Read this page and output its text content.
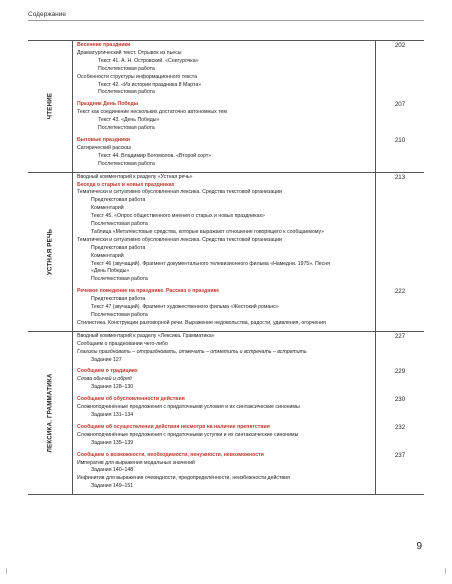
Содержание
ЧТЕНИЕ
Весенние праздники
Драматургический текст. Отрывок из пьесы
Текст 41. А. Н. Островский. «Снегурочка»
Послетекстовая работа
Особенности структуры информационного текста
Текст 42. «Из истории праздника 8 Марта»
Послетекстовая работа
Праздник День Победы
Текст как соединение нескольких достаточно автономных тем
Текст 43. «День Победы»
Послетекстовая работа
Бытовые праздники
Сатирический рассказ
Текст 44. Владимир Богомолов. «Второй сорт»
Послетекстовая работа
202
207
210
УСТНАЯ РЕЧЬ
Вводный комментарий к разделу «Устная речь»
Беседа о старых и новых праздниках
Тематически и ситуативно обусловленная лексика. Средства текстовой организации
Предтекстовая работа
Комментарий
Текст 45. «Опрос общественного мнения о старых и новых праздниках»
Послетекстовая работа
Таблица «Метатекстовые средства, которые выражают отношение говорящего к сообщаемому»
Тематически и ситуативно обусловленная лексика. Средства текстовой организации
Предтекстовая работа
Комментарий
Текст 46 (звучащий). Фрагмент документального телевизионного фильма «Намедни. 1975». Песня
«День Победы»
Послетекстовая работа
Речевое поведение на празднике. Рассказ о празднике
Предтекстовая работа
Текст 47 (звучащий). Фрагмент художественного фильма «Жестокий романс»
Послетекстовая работа
Стилистика. Конструкции разговорной речи. Выражение недовольства, радости, удивления, огорчения
213
222
ЛЕКСИКА. ГРАММАТИКА
Вводный комментарий к разделу «Лексика. Грамматика»
Сообщаем о праздновании чего-либо
Глаголы праздновать – отпраздновать, отмечать – отметить и встречать – встретить
Задание 127
Сообщаем о традициях
Слова обычай и обряд
Задания 128–130
Сообщаем об обусловленности действия
Сложноподчинённые предложения с придаточными условия и их синтаксические синонимы
Задания 131–134
Сообщаем об осуществлении действия несмотря на наличие препятствия
Сложноподчинённые предложения с придаточными уступки и их синтаксические синонимы
Задания 135–139
Сообщаем о возможности, необходимости, ненужности, невозможности
Императив для выражения модальных значений
Задания 140–148
Инфинитив для выражения очевидности, предопределённости, неизбежности действия
Задания 149–151
227
229
230
232
237
9
